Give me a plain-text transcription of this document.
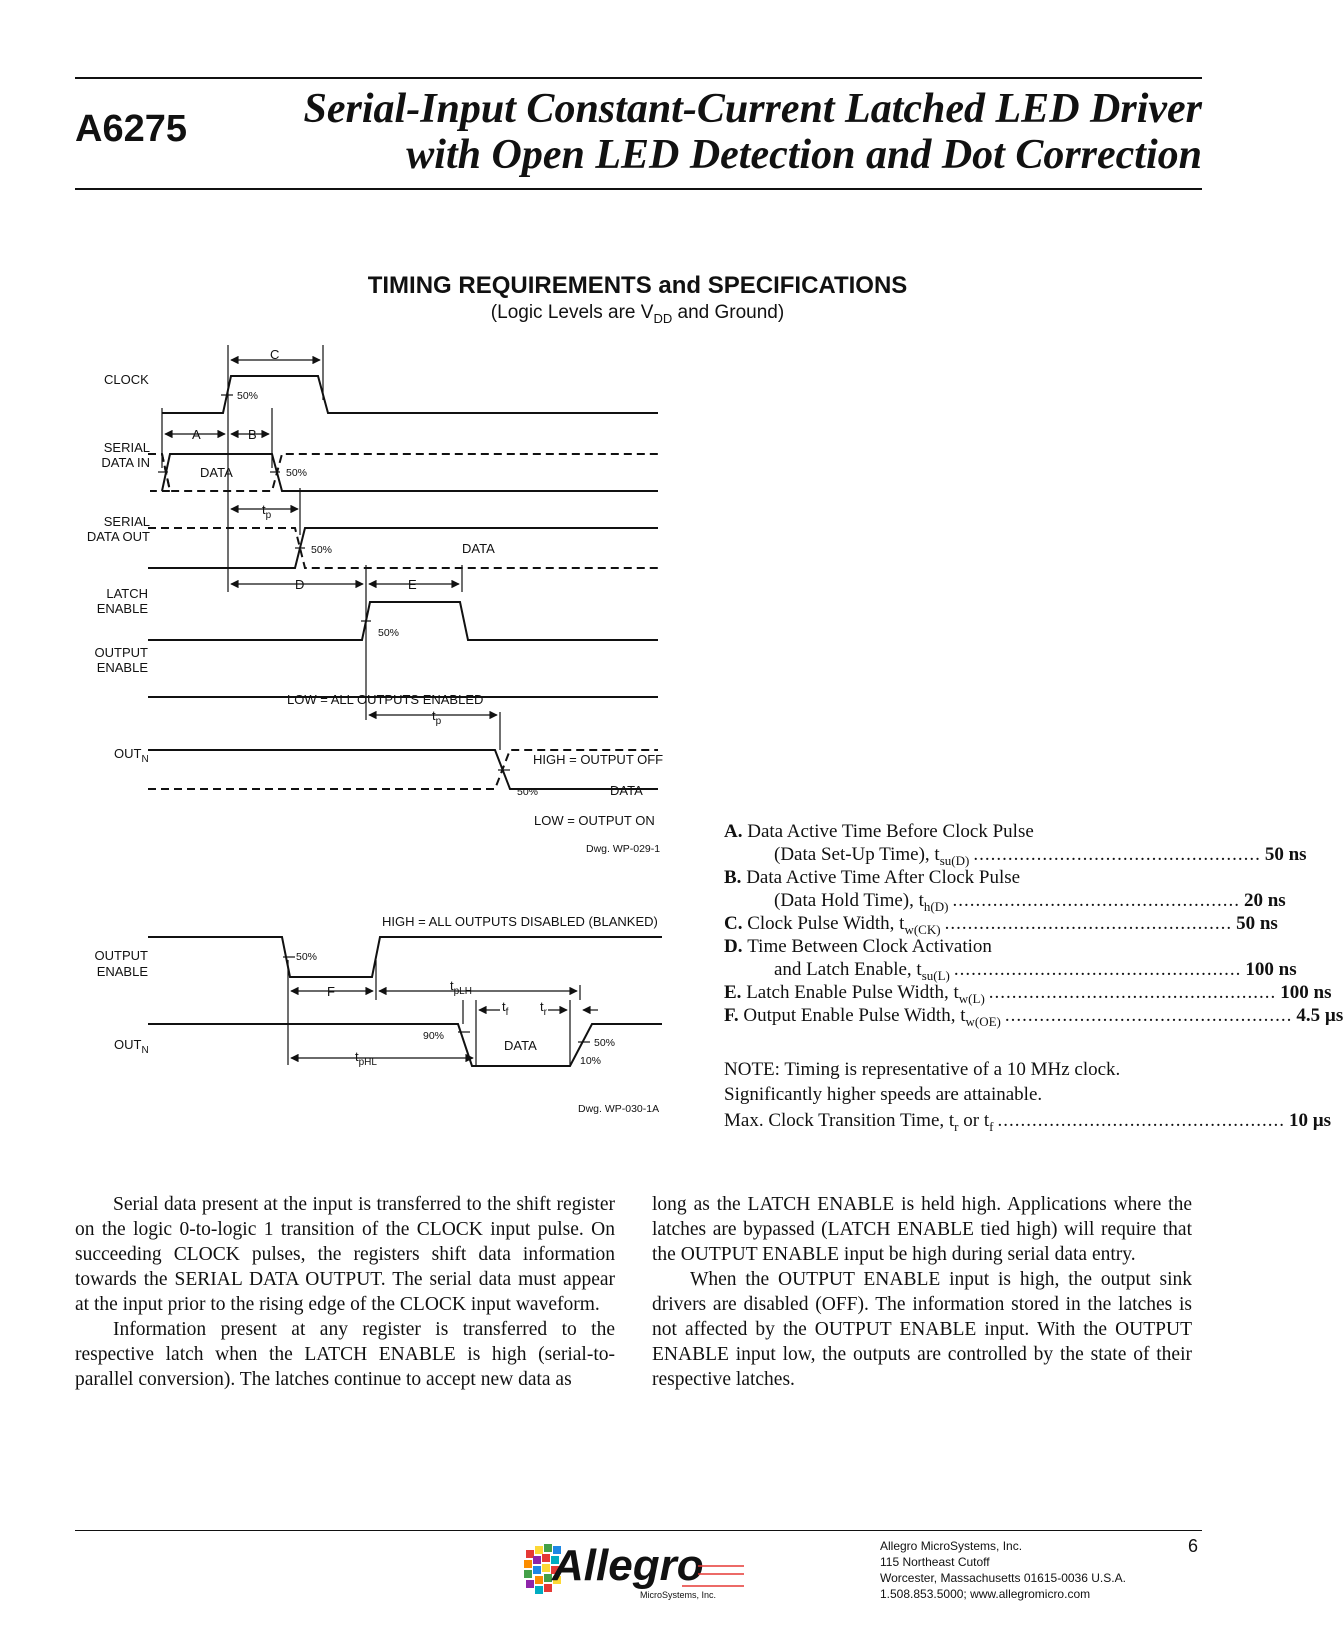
A6275	Serial-Input Constant-Current Latched LED Driver
with Open LED Detection and Dot Correction
TIMING REQUIREMENTS and SPECIFICATIONS
(Logic Levels are $V_{DD}$ and Ground)
CLOCK
SERIAL
DATA IN
SERIAL
DATA OUT
LATCH
ENABLE
OUTPUT
ENABLE
$OUT_N$
C
A	B
$t_p$
D	E
$t_p$
DATA
DATA
DATA
LOW = ALL OUTPUTS ENABLED
HIGH = OUTPUT OFF
LOW = OUTPUT ON
50%
50%
50%
50%
50%
Dwg. WP-029-1
OUTPUT
ENABLE
$OUT_N$
HIGH = ALL OUTPUTS DISABLED (BLANKED)
F	$t_{pLH}$
$t_{pHL}$
$t_f$ $t_r$
DATA
50%
90%
50%
10%
Dwg. WP-030-1A
A.
Data Active Time Before Clock Pulse
(Data Set-Up Time), $t_{su(D)}$ .................................................. 50 ns
B.
Data Active Time After Clock Pulse
(Data Hold Time), $t_{h(D)}$ .................................................. 20 ns
C.
Clock Pulse Width, $t_{w(CK)}$ .................................................. 50 ns
D.
Time Between Clock Activation
and Latch Enable, $t_{su(L)}$ .................................................. 100 ns
E.
Latch Enable Pulse Width, $t_{w(L)}$ .................................................. 100 ns
F.
Output Enable Pulse Width, $t_{w(OE)}$ .................................................. 4.5 µs
NOTE: Timing is representative of a 10 MHz clock. Significantly higher speeds are attainable.
Max. Clock Transition Time, $t_r$ or $t_f$ .................................................. 10 µs

Serial data present at the input is transferred to the shift register on the logic 0-to-logic 1 transition of the CLOCK input pulse. On succeeding CLOCK pulses, the registers shift data information towards the SERIAL DATA OUTPUT. The serial data must appear at the input prior to the rising edge of the CLOCK input waveform.

Information present at any register is transferred to the respective latch when the LATCH ENABLE is high (serial-to-parallel conversion). The latches continue to accept new data as

long as the LATCH ENABLE is held high. Applications where the latches are bypassed (LATCH ENABLE tied high) will require that the OUTPUT ENABLE input be high during serial data entry.

When the OUTPUT ENABLE input is high, the output sink drivers are disabled (OFF). The information stored in the latches is not affected by the OUTPUT ENABLE input. With the OUTPUT ENABLE input low, the outputs are controlled by the state of their respective latches.

Allegro
MicroSystems, Inc.
Allegro MicroSystems, Inc.
115 Northeast Cutoff
Worcester, Massachusetts 01615-0036 U.S.A.
1.508.853.5000; www.allegromicro.com
6
